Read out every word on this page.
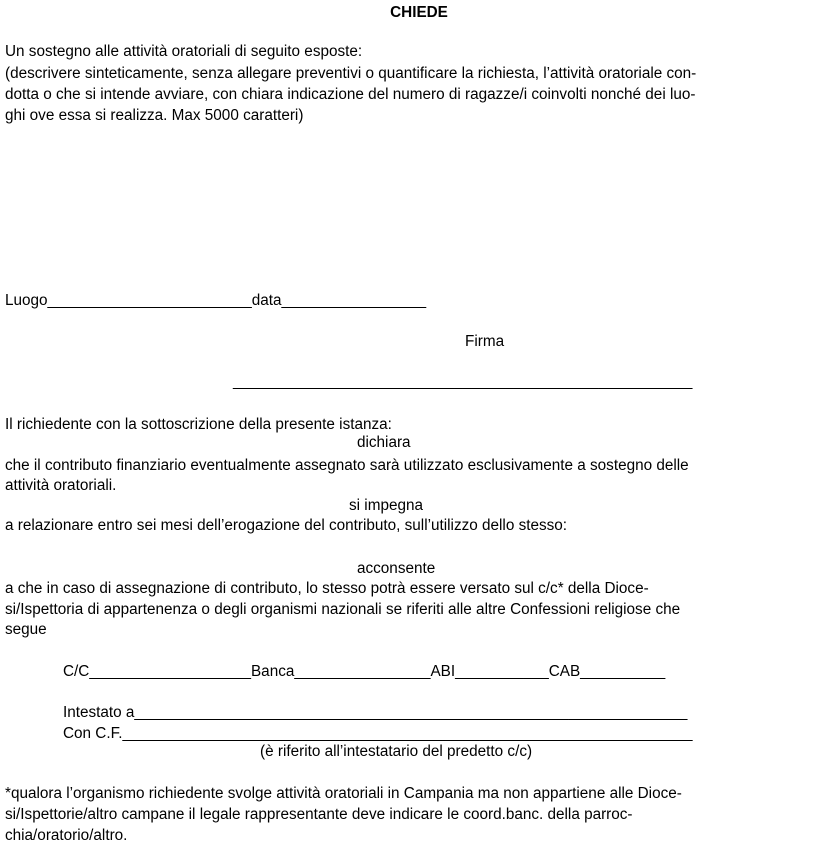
CHIEDE
Un sostegno alle attività oratoriali di seguito esposte:
(descrivere sinteticamente, senza allegare preventivi o quantificare la richiesta, l’attività oratoriale con-
dotta o che si intende avviare, con chiara indicazione del numero di ragazze/i coinvolti nonché dei luo-
ghi ove essa si realizza. Max 5000 caratteri)
Luogo________________________data_________________
Firma
______________________________________________________
Il richiedente con la sottoscrizione della presente istanza:
dichiara
che il contributo finanziario eventualmente assegnato sarà utilizzato esclusivamente a sostegno delle
attività oratoriali.
si impegna
a relazionare entro sei mesi dell’erogazione del contributo, sull’utilizzo dello stesso:
acconsente
a che in caso di assegnazione di contributo, lo stesso potrà essere versato sul c/c* della Dioce-
si/Ispettoria di appartenenza o degli organismi nazionali se riferiti alle altre Confessioni religiose che
segue
C/C___________________Banca________________ABI___________CAB__________
Intestato a_________________________________________________________________
Con C.F.___________________________________________________________________
(è riferito all’intestatario del predetto c/c)
*qualora l’organismo richiedente svolge attività oratoriali in Campania ma non appartiene alle Dioce-
si/Ispettorie/altro campane il legale rappresentante deve indicare le coord.banc. della parroc-
chia/oratorio/altro.
